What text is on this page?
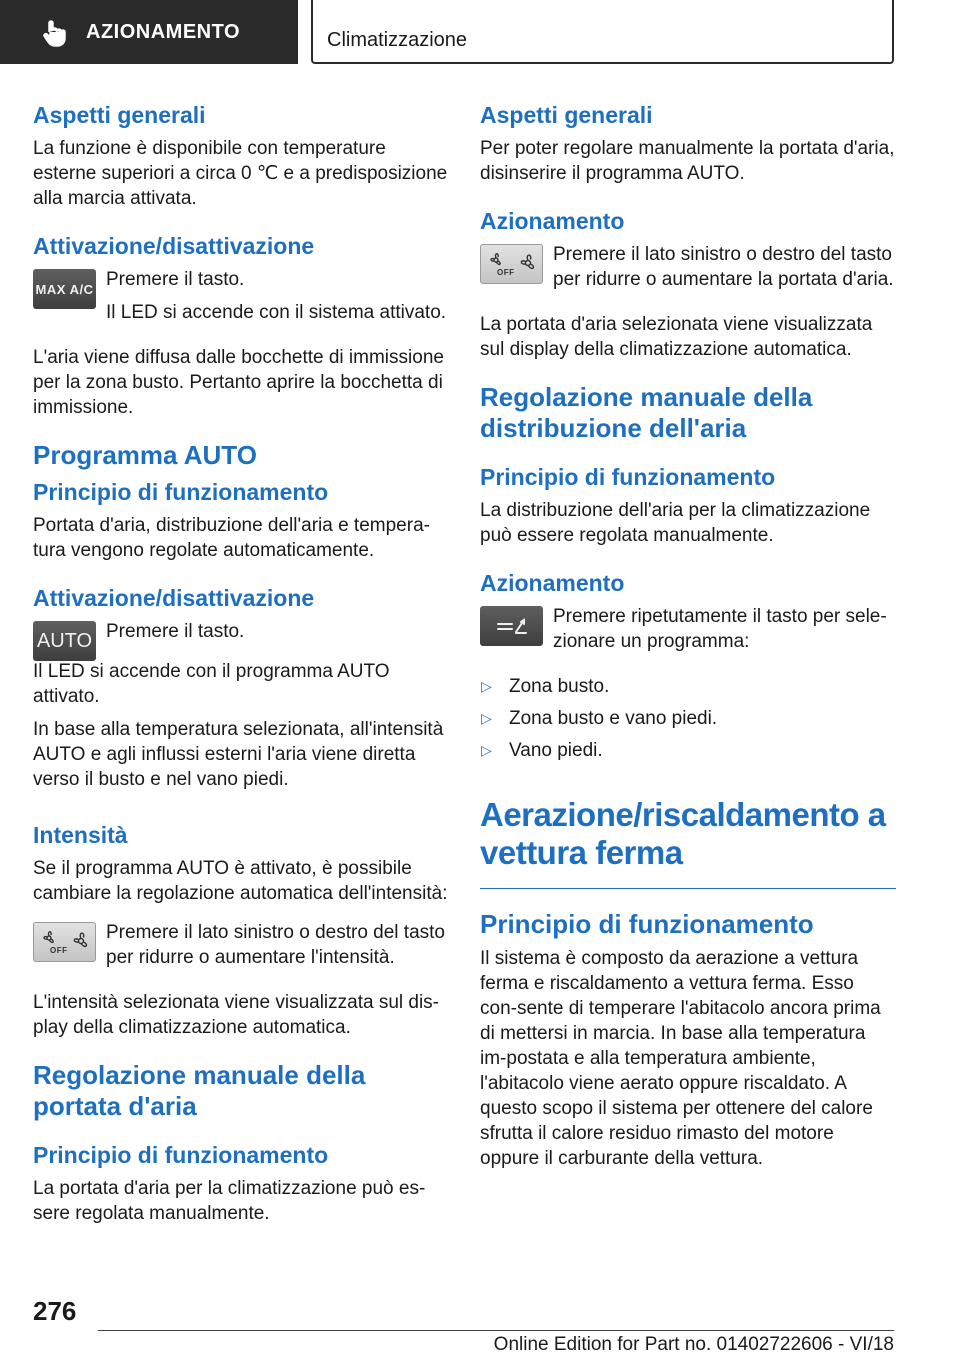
AZIONAMENTO	Climatizzazione
Aspetti generali

La funzione è disponibile con temperature esterne superiori a circa 0 ℃ e a predisposizione alla marcia attivata.

Attivazione/disattivazione
MAX A/C Premere il tasto.

Il LED si accende con il sistema attivato.

L'aria viene diffusa dalle bocchette di immissione per la zona busto. Pertanto aprire la bocchetta di immissione.

Programma AUTO
Principio di funzionamento

Portata d'aria, distribuzione dell'aria e tempera-tura vengono regolate automaticamente.

Attivazione/disattivazione
AUTO Premere il tasto.

Il LED si accende con il programma AUTO attivato.

In base alla temperatura selezionata, all'intensità AUTO e agli influssi esterni l'aria viene diretta verso il busto e nel vano piedi.

Intensità

Se il programma AUTO è attivato, è possibile cambiare la regolazione automatica dell'intensità:

OFF

Premere il lato sinistro o destro del tasto per ridurre o aumentare l'intensità.

L'intensità selezionata viene visualizzata sul dis-play della climatizzazione automatica.

Regolazione manuale della portata d'aria
Principio di funzionamento

La portata d'aria per la climatizzazione può es-sere regolata manualmente.

Aspetti generali

Per poter regolare manualmente la portata d'aria, disinserire il programma AUTO.

Azionamento
OFF

Premere il lato sinistro o destro del tasto per ridurre o aumentare la portata d'aria.

La portata d'aria selezionata viene visualizzata sul display della climatizzazione automatica.

Regolazione manuale della distribuzione dell'aria
Principio di funzionamento

La distribuzione dell'aria per la climatizzazione può essere regolata manualmente.

Azionamento

Premere ripetutamente il tasto per sele-zionare un programma:

▷ Zona busto.
▷ Zona busto e vano piedi.
▷ Vano piedi.
Aerazione/riscaldamento a vettura ferma
Principio di funzionamento

Il sistema è composto da aerazione a vettura ferma e riscaldamento a vettura ferma. Esso con-sente di temperare l'abitacolo ancora prima di mettersi in marcia. In base alla temperatura im-postata e alla temperatura ambiente, l'abitacolo viene aerato oppure riscaldato. A questo scopo il sistema per ottenere del calore sfrutta il calore residuo rimasto del motore oppure il carburante della vettura.

276
Online Edition for Part no. 01402722606 - VI/18
